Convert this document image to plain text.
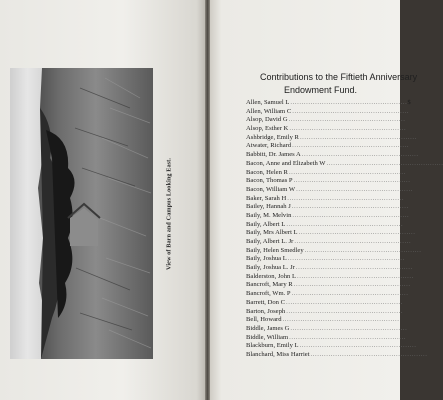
View of Barn and Campus Looking East.
Contributions to the Fiftieth Anniversary
Endowment Fund.
Allen, Samuel L .................................................... $
Allen, William C ....................................................
Alsop, David G ....................................................
Alsop, Esther K ....................................................
Ashbridge, Emily R ....................................................
Atwater, Richard ....................................................
Babbitt, Dr. James A ....................................................
Bacon, Anne and Elizabeth W ....................................................
Bacon, Helen R ....................................................
Bacon, Thomas P ....................................................
Bacon, William W ....................................................
Baker, Sarah H ....................................................
Bailey, Hannah J ....................................................
Baily, M. Melvin ....................................................
Baily, Albert L ....................................................
Baily, Mrs Albert L ....................................................
Baily, Albert L. Jr ....................................................
Baily, Helen Smedley ....................................................
Baily, Joshua L ....................................................
Baily, Joshua L. Jr ....................................................
Balderston, John L ....................................................
Bancroft, Mary R ....................................................
Bancroft, Wm. P ....................................................
Barrett, Don C ....................................................
Barton, Joseph ....................................................
Bell, Howard ....................................................
Biddle, James G ....................................................
Biddle, William ....................................................
Blackburn, Emily L ....................................................
Blanchard, Miss Harriet ....................................................
